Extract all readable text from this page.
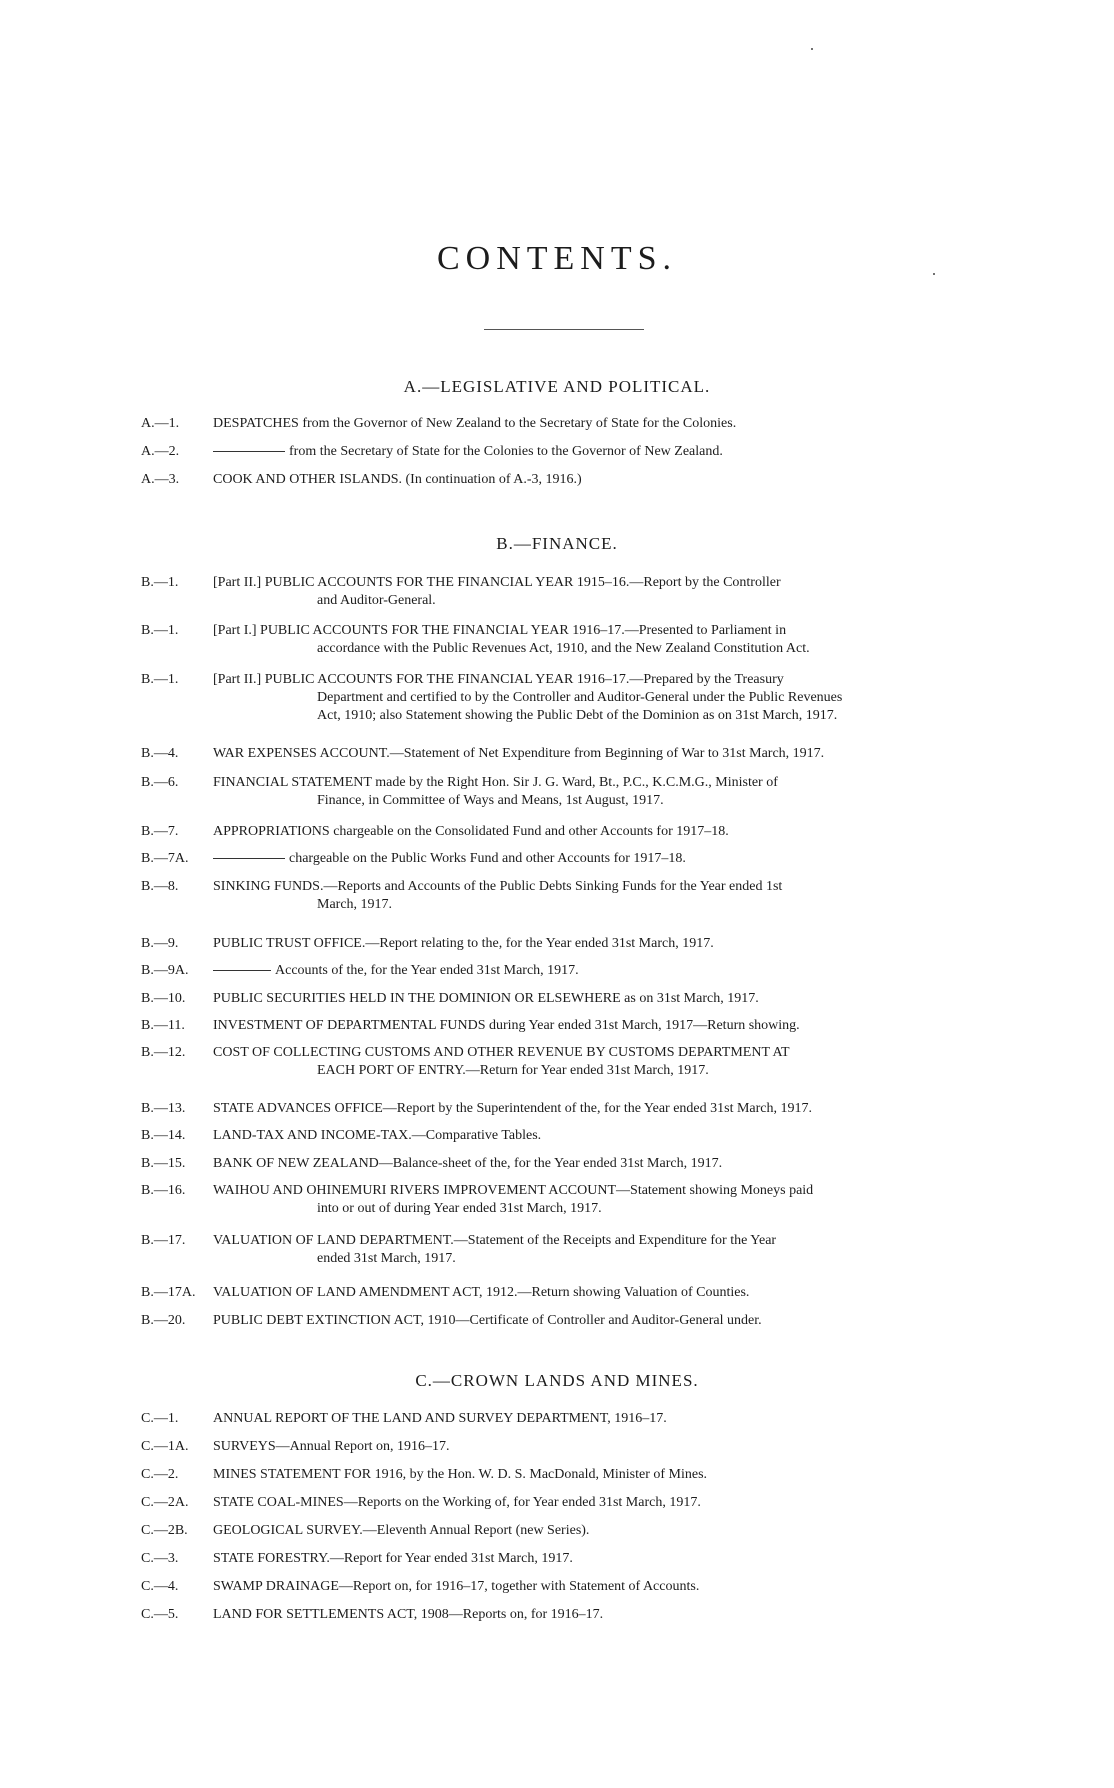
CONTENTS.
A.—LEGISLATIVE AND POLITICAL.
A.—1. DESPATCHES from the Governor of New Zealand to the Secretary of State for the Colonies.
A.—2.	from the Secretary of State for the Colonies to the Governor of New Zealand.
A.—3. COOK AND OTHER ISLANDS. (In continuation of A.-3, 1916.)
B.—FINANCE.
B.—1. [Part II.] PUBLIC ACCOUNTS FOR THE FINANCIAL YEAR 1915–16.—Report by the Controller
and Auditor-General.
B.—1. [Part I.] PUBLIC ACCOUNTS FOR THE FINANCIAL YEAR 1916–17.—Presented to Parliament in
accordance with the Public Revenues Act, 1910, and the New Zealand Constitution Act.
B.—1. [Part II.] PUBLIC ACCOUNTS FOR THE FINANCIAL YEAR 1916–17.—Prepared by the Treasury
Department and certified to by the Controller and Auditor-General under the Public Revenues
Act, 1910; also Statement showing the Public Debt of the Dominion as on 31st March, 1917.
B.—4. WAR EXPENSES ACCOUNT.—Statement of Net Expenditure from Beginning of War to 31st March, 1917.
B.—6. FINANCIAL STATEMENT made by the Right Hon. Sir J. G. Ward, Bt., P.C., K.C.M.G., Minister of
Finance, in Committee of Ways and Means, 1st August, 1917.
B.—7. APPROPRIATIONS chargeable on the Consolidated Fund and other Accounts for 1917–18.
B.—7A.	chargeable on the Public Works Fund and other Accounts for 1917–18.
B.—8. SINKING FUNDS.—Reports and Accounts of the Public Debts Sinking Funds for the Year ended 1st
March, 1917.
B.—9. PUBLIC TRUST OFFICE.—Report relating to the, for the Year ended 31st March, 1917.
B.—9A.	Accounts of the, for the Year ended 31st March, 1917.
B.—10. PUBLIC SECURITIES HELD IN THE DOMINION OR ELSEWHERE as on 31st March, 1917.
B.—11. INVESTMENT OF DEPARTMENTAL FUNDS during Year ended 31st March, 1917—Return showing.
B.—12. COST OF COLLECTING CUSTOMS AND OTHER REVENUE BY CUSTOMS DEPARTMENT AT
EACH PORT OF ENTRY.—Return for Year ended 31st March, 1917.
B.—13. STATE ADVANCES OFFICE—Report by the Superintendent of the, for the Year ended 31st March, 1917.
B.—14. LAND-TAX AND INCOME-TAX.—Comparative Tables.
B.—15. BANK OF NEW ZEALAND—Balance-sheet of the, for the Year ended 31st March, 1917.
B.—16. WAIHOU AND OHINEMURI RIVERS IMPROVEMENT ACCOUNT—Statement showing Moneys paid
into or out of during Year ended 31st March, 1917.
B.—17. VALUATION OF LAND DEPARTMENT.—Statement of the Receipts and Expenditure for the Year
ended 31st March, 1917.
B.—17A. VALUATION OF LAND AMENDMENT ACT, 1912.—Return showing Valuation of Counties.
B.—20. PUBLIC DEBT EXTINCTION ACT, 1910—Certificate of Controller and Auditor-General under.
C.—CROWN LANDS AND MINES.
C.—1. ANNUAL REPORT OF THE LAND AND SURVEY DEPARTMENT, 1916–17.
C.—1A. SURVEYS—Annual Report on, 1916–17.
C.—2. MINES STATEMENT FOR 1916, by the Hon. W. D. S. MacDonald, Minister of Mines.
C.—2A. STATE COAL-MINES—Reports on the Working of, for Year ended 31st March, 1917.
C.—2B. GEOLOGICAL SURVEY.—Eleventh Annual Report (new Series).
C.—3. STATE FORESTRY.—Report for Year ended 31st March, 1917.
C.—4. SWAMP DRAINAGE—Report on, for 1916–17, together with Statement of Accounts.
C.—5. LAND FOR SETTLEMENTS ACT, 1908—Reports on, for 1916–17.
